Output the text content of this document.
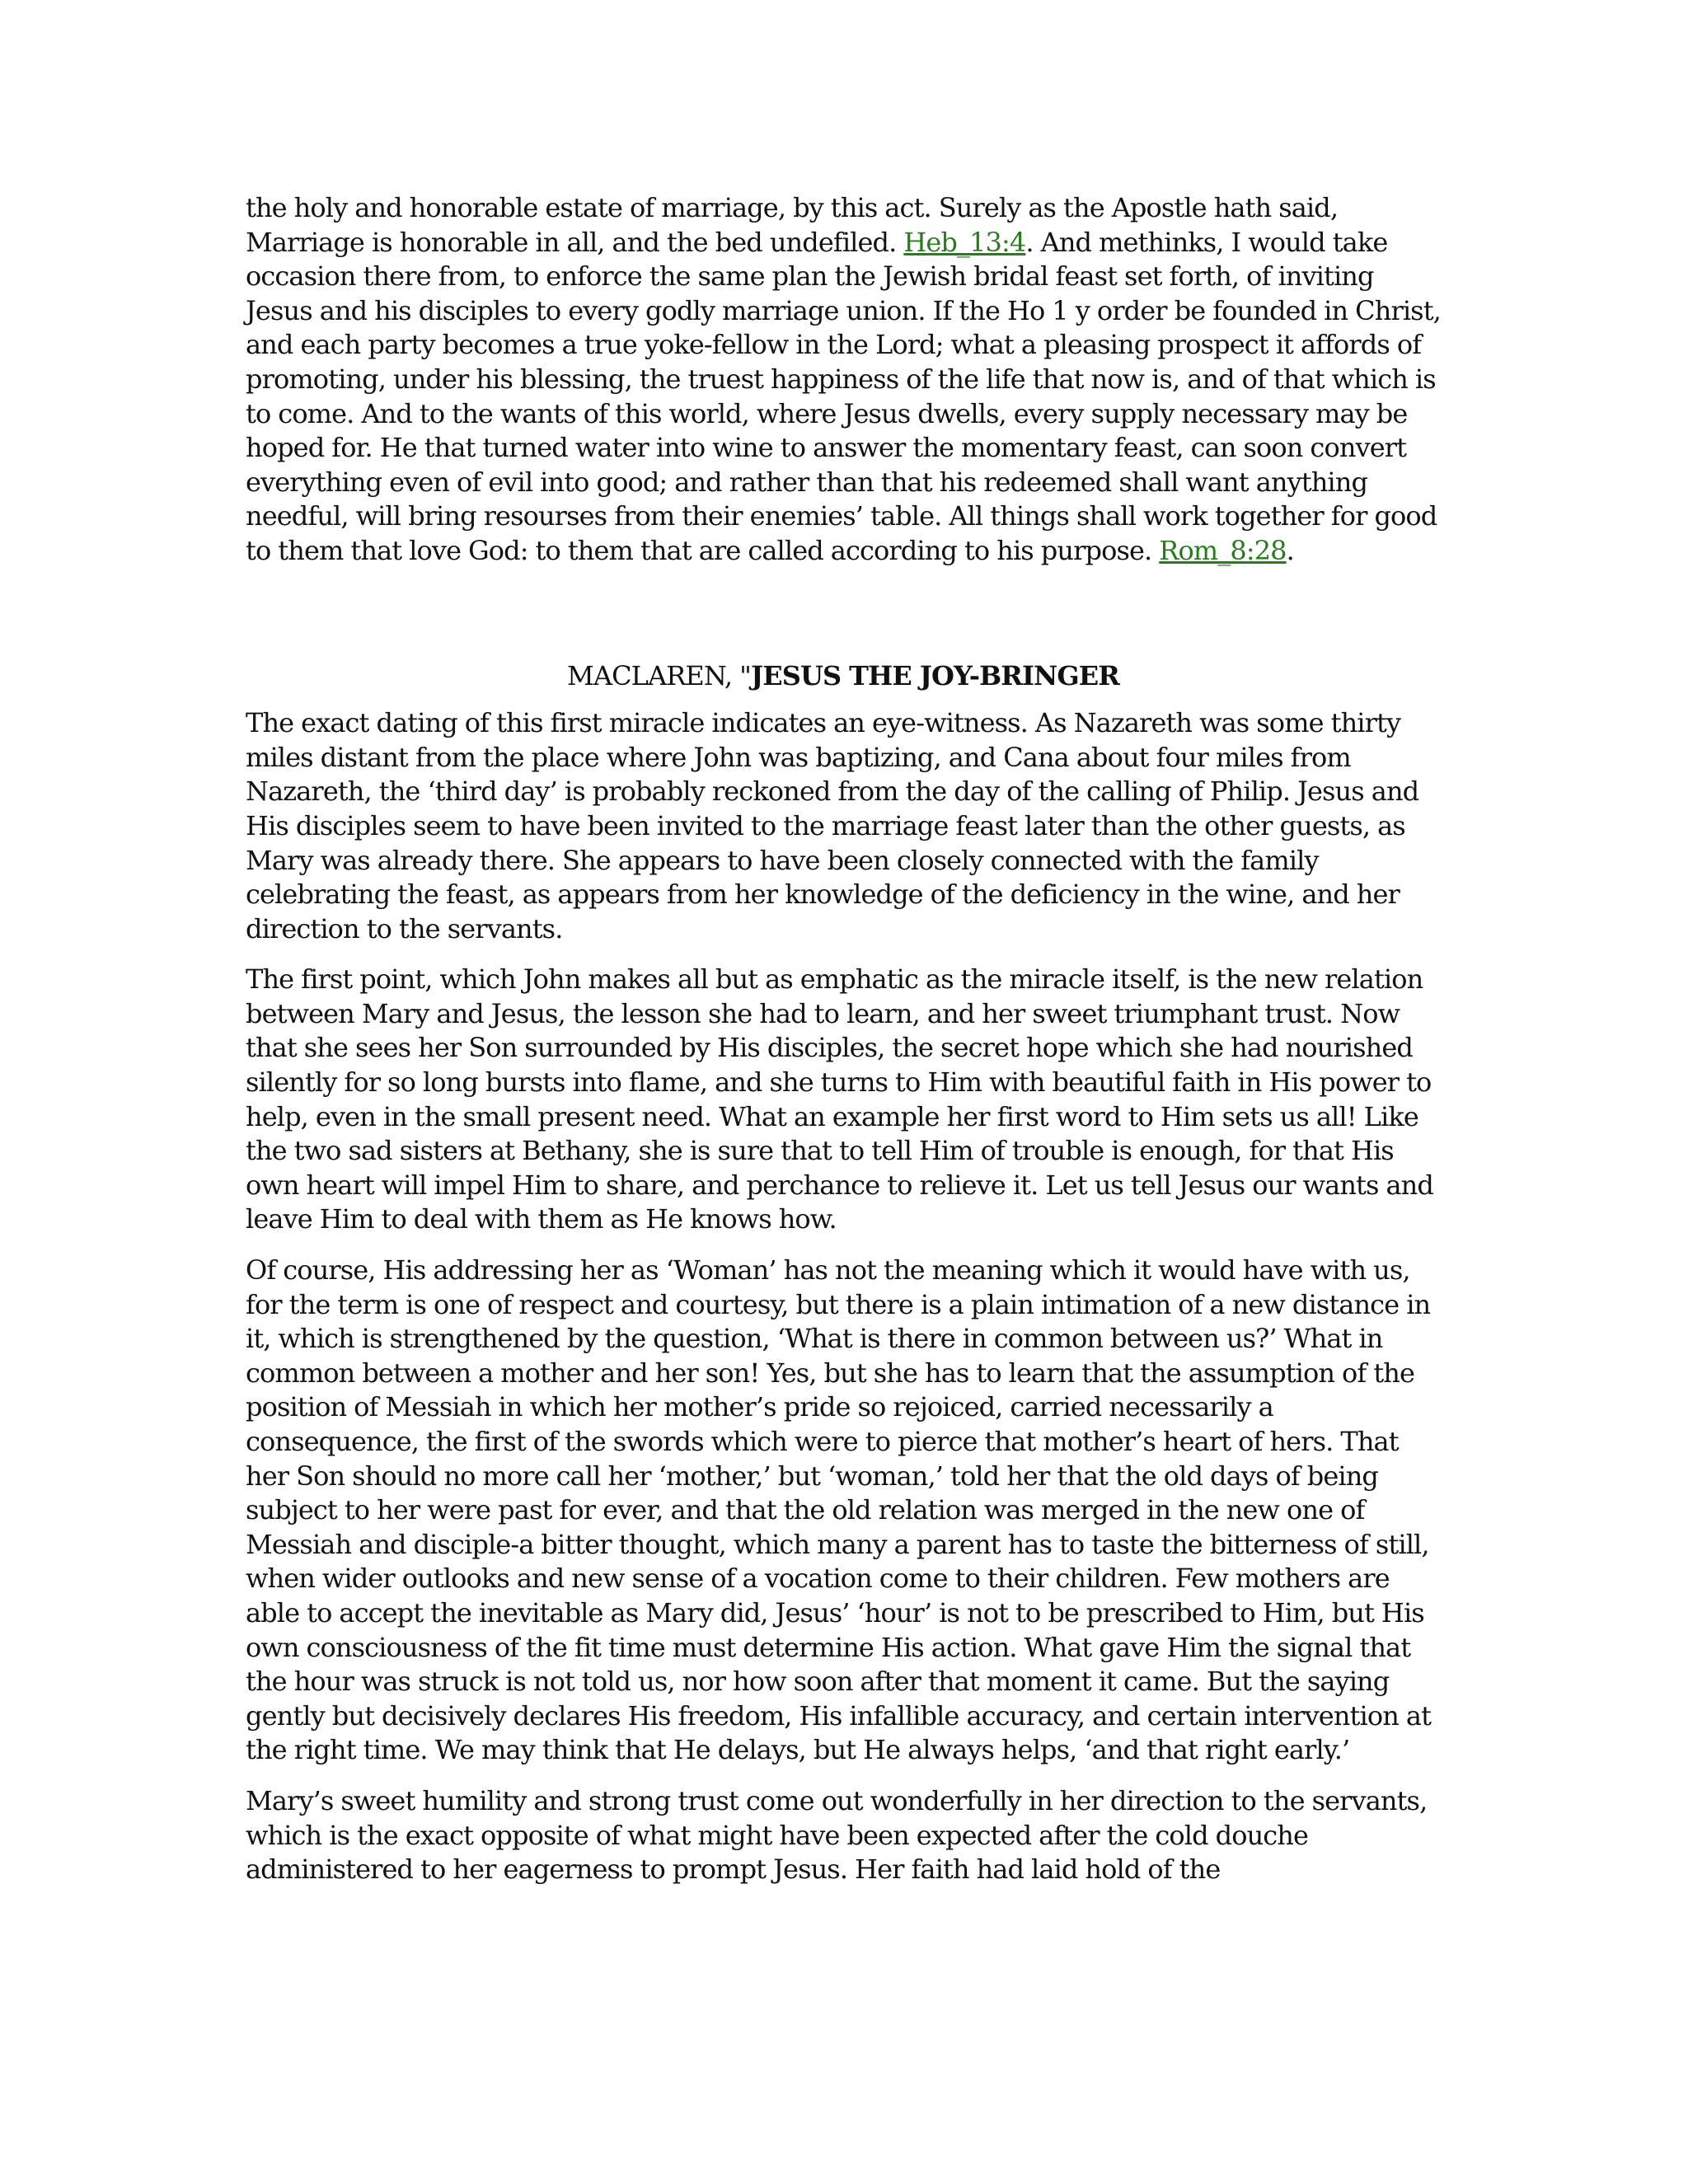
the holy and honorable estate of marriage, by this act. Surely as the Apostle hath said, Marriage is honorable in all, and the bed undefiled. Heb_13:4. And methinks, I would take occasion there from, to enforce the same plan the Jewish bridal feast set forth, of inviting Jesus and his disciples to every godly marriage union. If the Ho 1 y order be founded in Christ, and each party becomes a true yoke-fellow in the Lord; what a pleasing prospect it affords of promoting, under his blessing, the truest happiness of the life that now is, and of that which is to come. And to the wants of this world, where Jesus dwells, every supply necessary may be hoped for. He that turned water into wine to answer the momentary feast, can soon convert everything even of evil into good; and rather than that his redeemed shall want anything needful, will bring resourses from their enemies’ table. All things shall work together for good to them that love God: to them that are called according to his purpose. Rom_8:28.

MACLAREN, "JESUS THE JOY-BRINGER

The exact dating of this first miracle indicates an eye-witness. As Nazareth was some thirty miles distant from the place where John was baptizing, and Cana about four miles from Nazareth, the ‘third day’ is probably reckoned from the day of the calling of Philip. Jesus and His disciples seem to have been invited to the marriage feast later than the other guests, as Mary was already there. She appears to have been closely connected with the family celebrating the feast, as appears from her knowledge of the deficiency in the wine, and her direction to the servants.

The first point, which John makes all but as emphatic as the miracle itself, is the new relation between Mary and Jesus, the lesson she had to learn, and her sweet triumphant trust. Now that she sees her Son surrounded by His disciples, the secret hope which she had nourished silently for so long bursts into flame, and she turns to Him with beautiful faith in His power to help, even in the small present need. What an example her first word to Him sets us all! Like the two sad sisters at Bethany, she is sure that to tell Him of trouble is enough, for that His own heart will impel Him to share, and perchance to relieve it. Let us tell Jesus our wants and leave Him to deal with them as He knows how.

Of course, His addressing her as ‘Woman’ has not the meaning which it would have with us, for the term is one of respect and courtesy, but there is a plain intimation of a new distance in it, which is strengthened by the question, ‘What is there in common between us?’ What in common between a mother and her son! Yes, but she has to learn that the assumption of the position of Messiah in which her mother’s pride so rejoiced, carried necessarily a consequence, the first of the swords which were to pierce that mother’s heart of hers. That her Son should no more call her ‘mother,’ but ‘woman,’ told her that the old days of being subject to her were past for ever, and that the old relation was merged in the new one of Messiah and disciple-a bitter thought, which many a parent has to taste the bitterness of still, when wider outlooks and new sense of a vocation come to their children. Few mothers are able to accept the inevitable as Mary did, Jesus’ ‘hour’ is not to be prescribed to Him, but His own consciousness of the fit time must determine His action. What gave Him the signal that the hour was struck is not told us, nor how soon after that moment it came. But the saying gently but decisively declares His freedom, His infallible accuracy, and certain intervention at the right time. We may think that He delays, but He always helps, ‘and that right early.’

Mary’s sweet humility and strong trust come out wonderfully in her direction to the servants, which is the exact opposite of what might have been expected after the cold douche administered to her eagerness to prompt Jesus. Her faith had laid hold of the
